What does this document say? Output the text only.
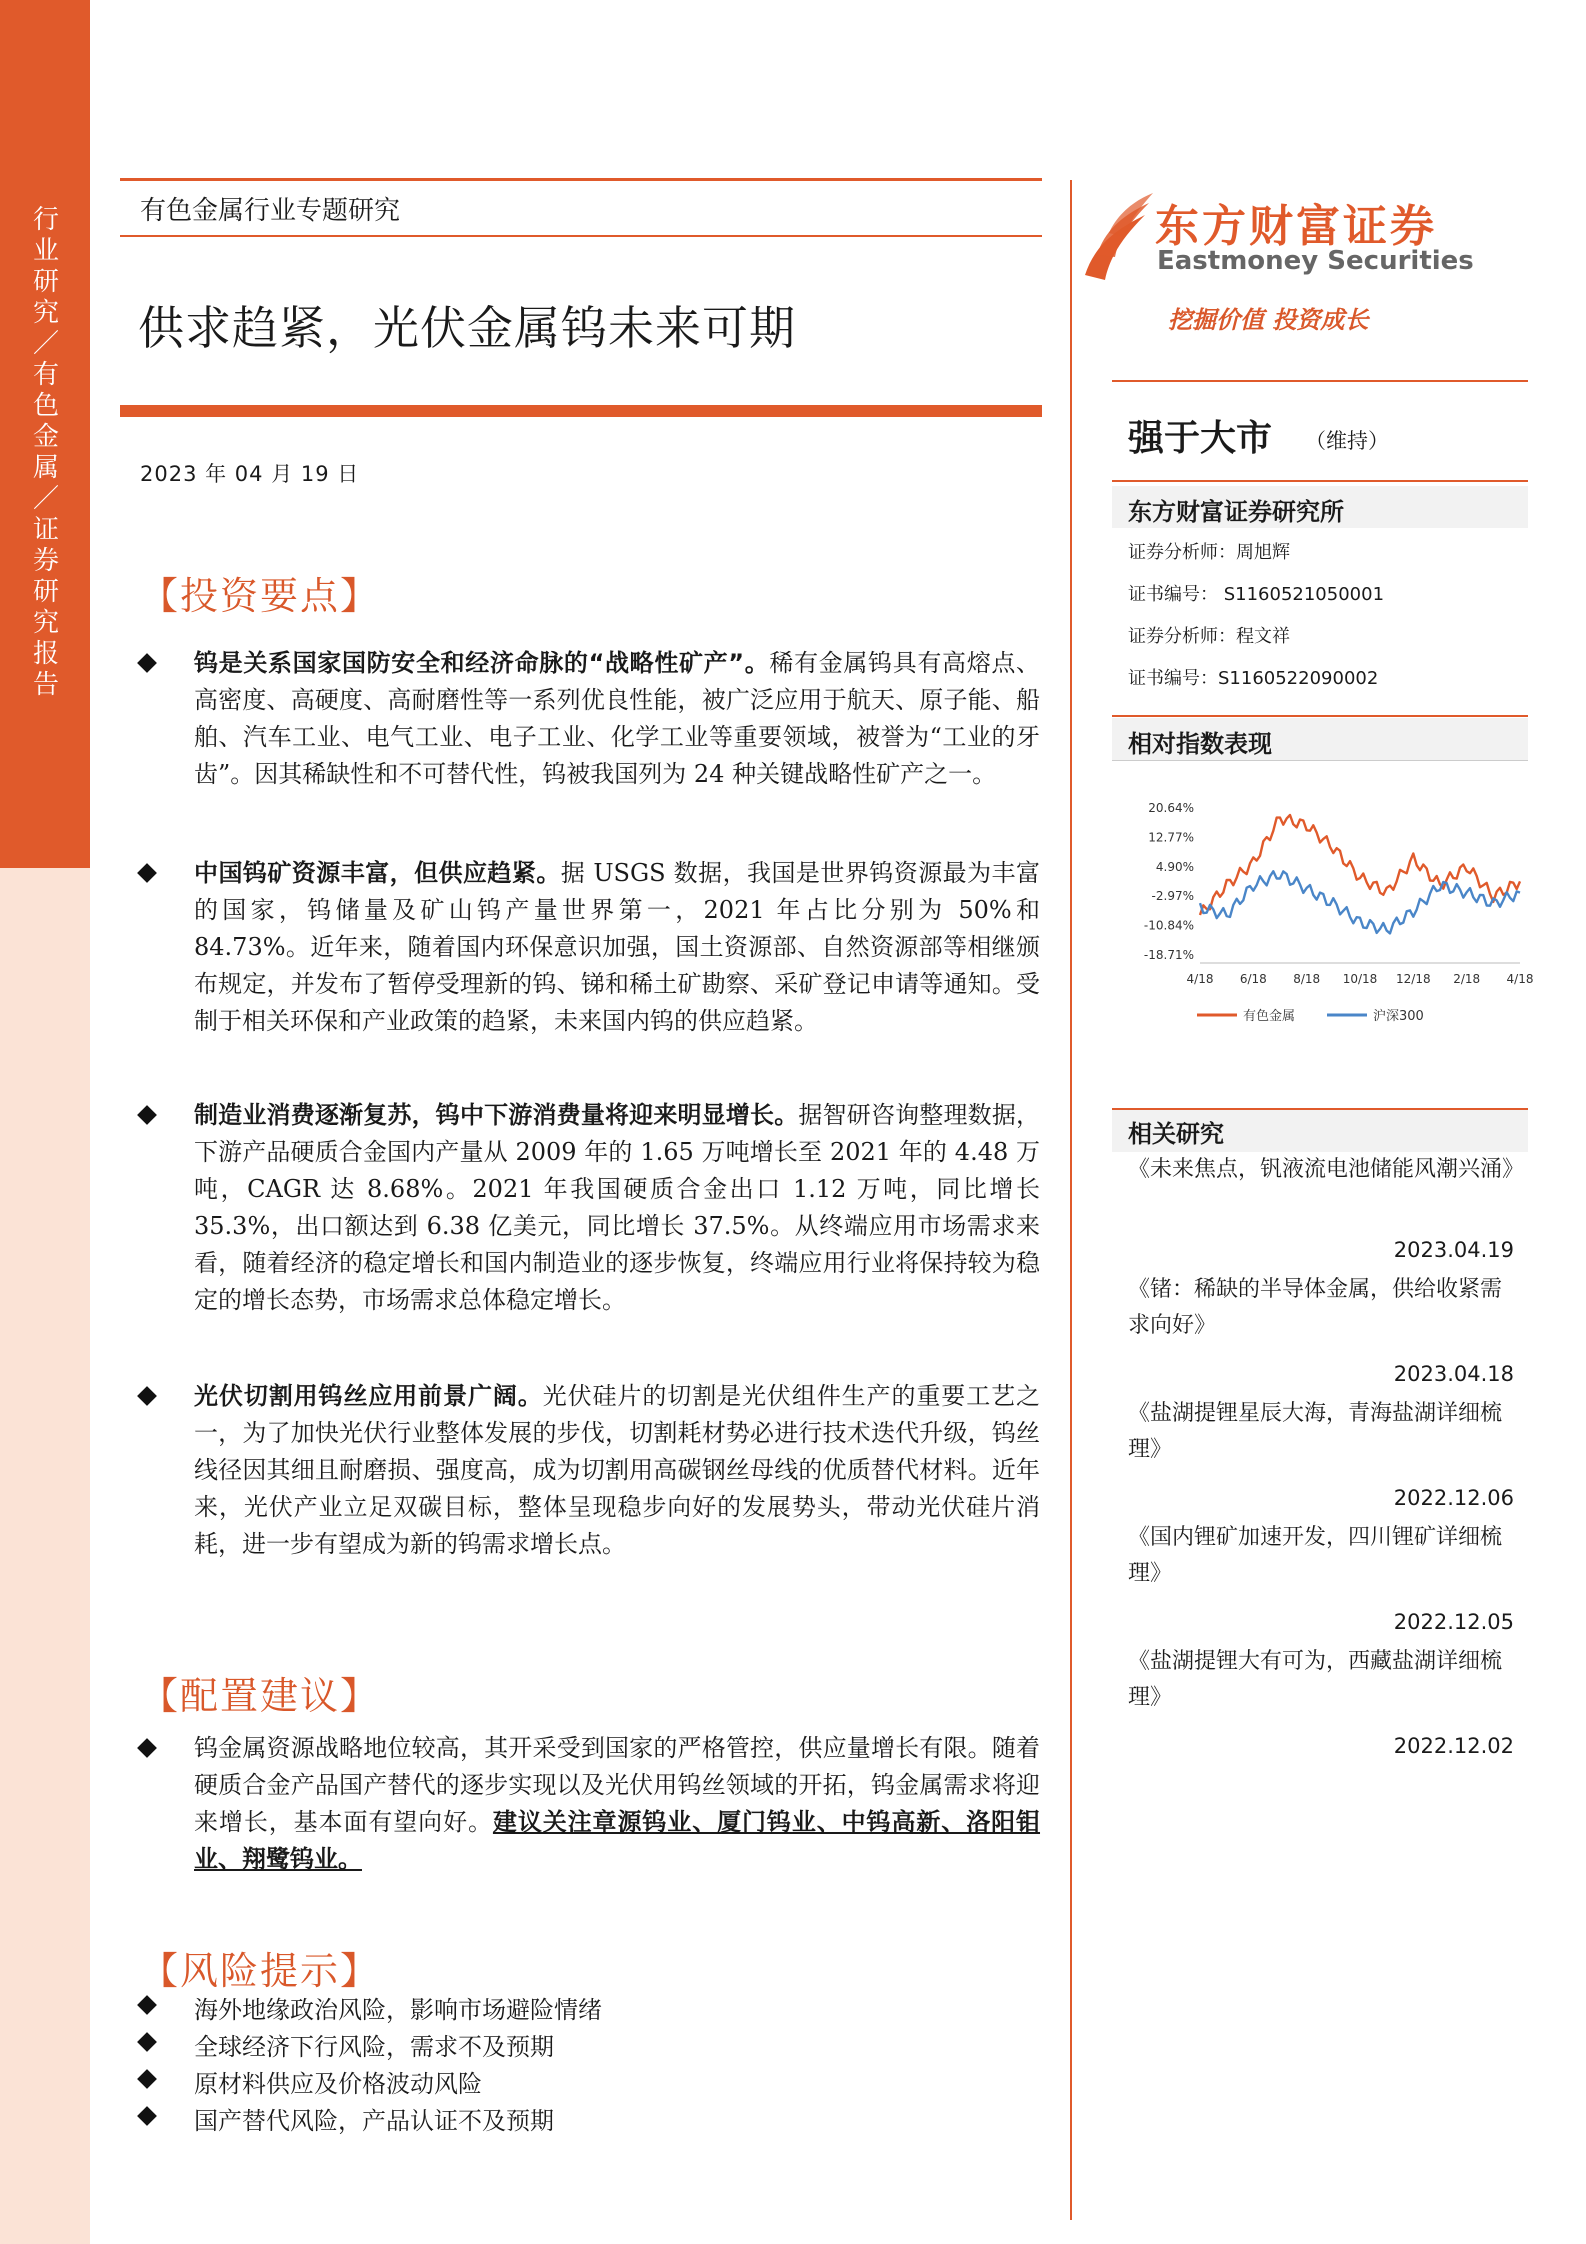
行
业
研
究
／
有
色
金
属
／
证
券
研
究
报
告
有色金属行业专题研究
供求趋紧，光伏金属钨未来可期
2023 年 04 月 19 日
【投资要点】
钨是关系国家国防安全和经济命脉的“战略性矿产”。稀有金属钨具有高熔点、高密度、高硬度、高耐磨性等一系列优良性能，被广泛应用于航天、原子能、船舶、汽车工业、电气工业、电子工业、化学工业等重要领域，被誉为“工业的牙齿”。因其稀缺性和不可替代性，钨被我国列为 24 种关键战略性矿产之一。
中国钨矿资源丰富，但供应趋紧。据 USGS 数据，我国是世界钨资源最为丰富的国家，钨储量及矿山钨产量世界第一，2021 年占比分别为 50%和 84.73%。近年来，随着国内环保意识加强，国土资源部、自然资源部等相继颁布规定，并发布了暂停受理新的钨、锑和稀土矿勘察、采矿登记申请等通知。受制于相关环保和产业政策的趋紧，未来国内钨的供应趋紧。
制造业消费逐渐复苏，钨中下游消费量将迎来明显增长。据智研咨询整理数据，下游产品硬质合金国内产量从 2009 年的 1.65 万吨增长至 2021 年的 4.48 万吨，CAGR 达 8.68%。2021 年我国硬质合金出口 1.12 万吨，同比增长 35.3%，出口额达到 6.38 亿美元，同比增长 37.5%。从终端应用市场需求来看，随着经济的稳定增长和国内制造业的逐步恢复，终端应用行业将保持较为稳定的增长态势，市场需求总体稳定增长。
光伏切割用钨丝应用前景广阔。光伏硅片的切割是光伏组件生产的重要工艺之一，为了加快光伏行业整体发展的步伐，切割耗材势必进行技术迭代升级，钨丝线径因其细且耐磨损、强度高，成为切割用高碳钢丝母线的优质替代材料。近年来，光伏产业立足双碳目标，整体呈现稳步向好的发展势头，带动光伏硅片消耗，进一步有望成为新的钨需求增长点。
【配置建议】
钨金属资源战略地位较高，其开采受到国家的严格管控，供应量增长有限。随着硬质合金产品国产替代的逐步实现以及光伏用钨丝领域的开拓，钨金属需求将迎来增长，基本面有望向好。建议关注章源钨业、厦门钨业、中钨高新、洛阳钼业、翔鹭钨业。
【风险提示】
海外地缘政治风险，影响市场避险情绪
全球经济下行风险，需求不及预期
原材料供应及价格波动风险
国产替代风险，产品认证不及预期
东方财富证券
Eastmoney Securities
挖掘价值 投资成长
强于大市 （维持）
东方财富证券研究所
证券分析师：周旭辉
证书编号： S1160521050001
证券分析师：程文祥
证书编号：S1160522090002
相对指数表现
20.64%
12.77%
4.90%
-2.97%
-10.84%
-18.71%
4/18 6/18 8/18 10/18 12/18 2/18 4/18
有色金属	沪深300
相关研究
《未来焦点，钒液流电池储能风潮兴涌》
2023.04.19
《锗：稀缺的半导体金属，供给收紧需求向好》
2023.04.18
《盐湖提锂星辰大海，青海盐湖详细梳理》
2022.12.06
《国内锂矿加速开发，四川锂矿详细梳理》
2022.12.05
《盐湖提锂大有可为，西藏盐湖详细梳理》
2022.12.02
